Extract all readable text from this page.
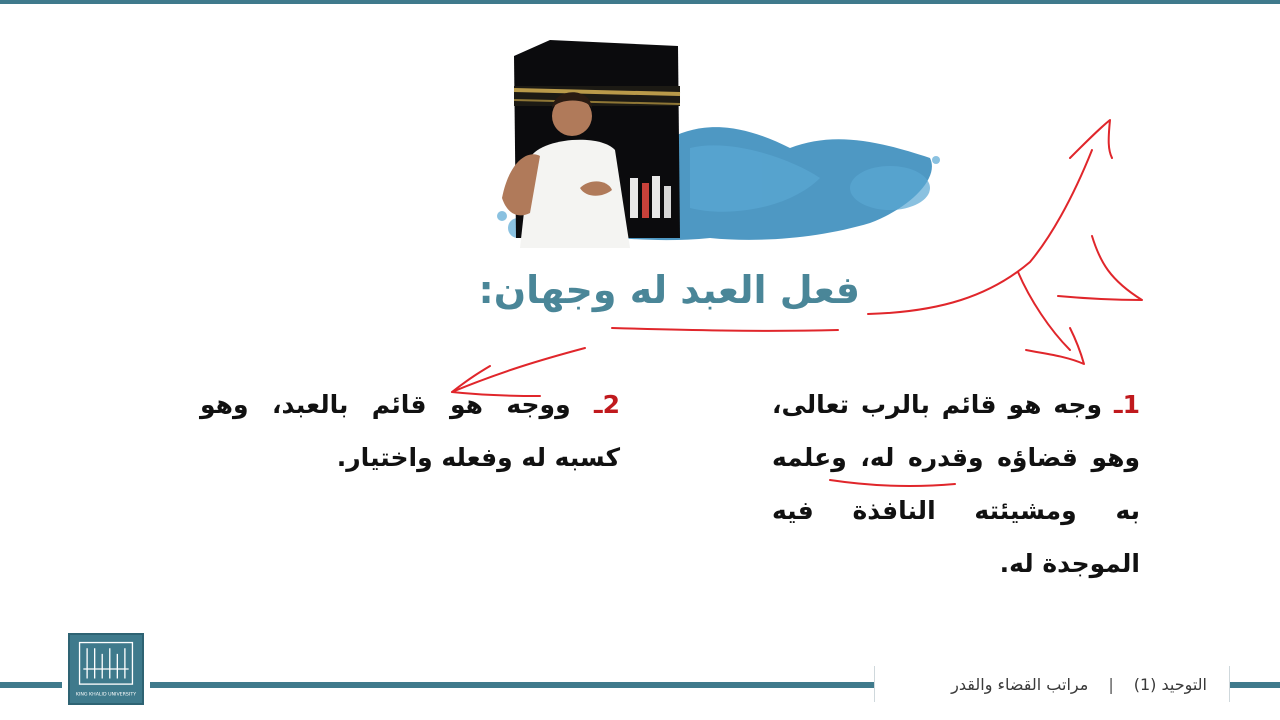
فعل العبد له وجهان:
1ـ وجه هو قائم بالرب تعالى، وهو قضاؤه وقدره له، وعلمه به ومشيئته النافذة فيه الموجدة له.
2ـ ووجه هو قائم بالعبد، وهو كسبه له وفعله واختيار.
KING KHALID UNIVERSITY
التوحيد (1)
|
مراتب القضاء والقدر
